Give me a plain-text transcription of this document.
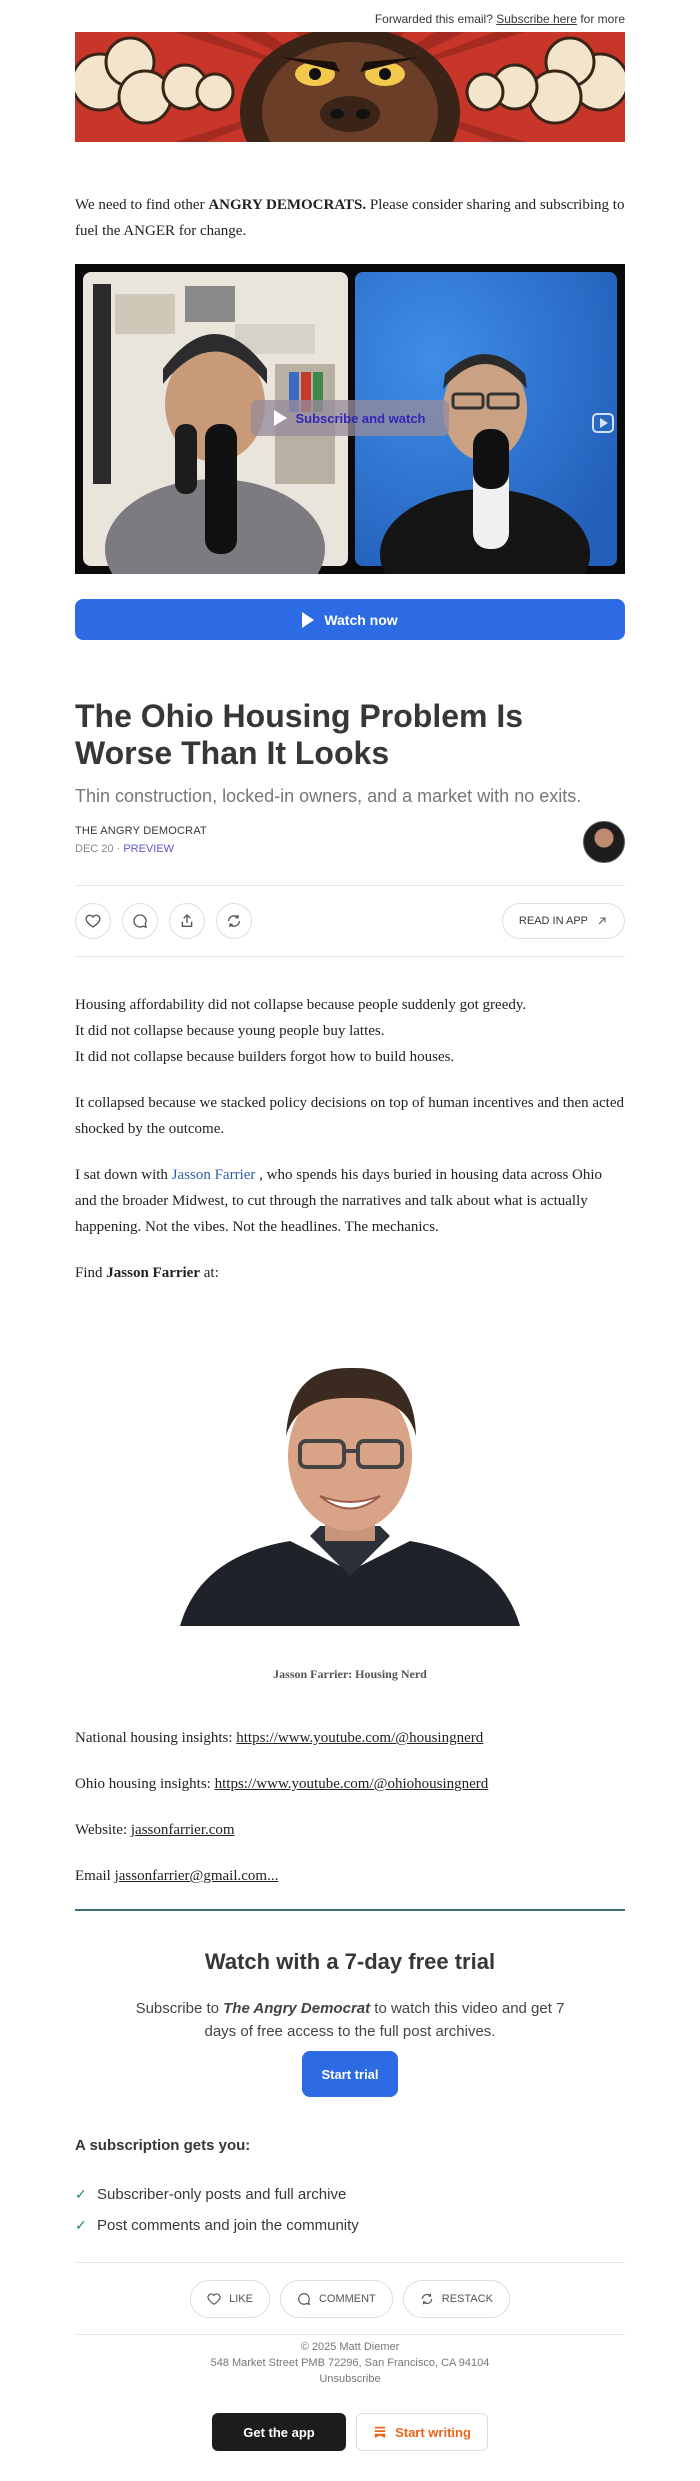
Forwarded this email? Subscribe here for more
We need to find other ANGRY DEMOCRATS. Please consider sharing and subscribing to fuel the ANGER for change.
Subscribe and watch
Watch now
The Ohio Housing Problem Is Worse Than It Looks
Thin construction, locked-in owners, and a market with no exits.
THE ANGRY DEMOCRAT
DEC 20 · PREVIEW
READ IN APP

Housing affordability did not collapse because people suddenly got greedy.

It did not collapse because young people buy lattes.

It did not collapse because builders forgot how to build houses.

It collapsed because we stacked policy decisions on top of human incentives and then acted shocked by the outcome.

I sat down with Jasson Farrier , who spends his days buried in housing data across Ohio and the broader Midwest, to cut through the narratives and talk about what is actually happening. Not the vibes. Not the headlines. The mechanics.

Find Jasson Farrier at:

Jasson Farrier: Housing Nerd

National housing insights: https://www.youtube.com/@housingnerd

Ohio housing insights: https://www.youtube.com/@ohiohousingnerd

Website: jassonfarrier.com

Email jassonfarrier@gmail.com...

Watch with a 7-day free trial
Subscribe to The Angry Democrat to watch this video and get 7 days of free access to the full post archives.
Start trial
A subscription gets you:
✓ Subscriber-only posts and full archive
✓ Post comments and join the community
LIKE	COMMENT	RESTACK
© 2025 Matt Diemer
548 Market Street PMB 72296, San Francisco, CA 94104
Unsubscribe
Get the app	Start writing
